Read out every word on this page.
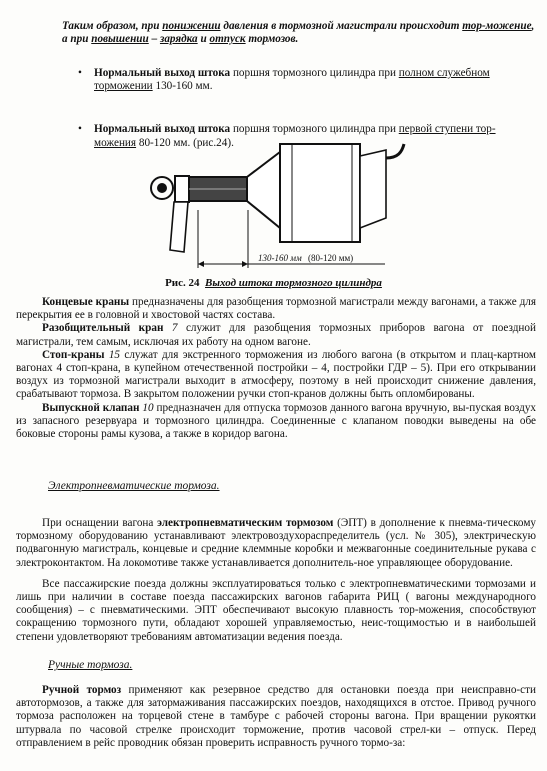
Таким образом, при понижении давления в тормозной магистрали происходит тор-можение, а при повышении – зарядка и отпуск тормозов.
• Нормальный выход штока поршня тормозного цилиндра при полном служебном торможении 130-160 мм.
• Нормальный выход штока поршня тормозного цилиндра при первой ступени тор-можения 80-120 мм. (рис.24).
130-160 мм (80-120 мм)
Рис. 24 Выход штока тормозного цилиндра

Концевые краны предназначены для разобщения тормозной магистрали между вагонами, а также для перекрытия ее в головной и хвостовой частях состава.

Разобщительный кран 7 служит для разобщения тормозных приборов вагона от поездной магистрали, тем самым, исключая их работу на одном вагоне.

Стоп-краны 15 служат для экстренного торможения из любого вагона (в открытом и плац-картном вагонах 4 стоп-крана, в купейном отечественной постройки – 4, постройки ГДР – 5). При его открывании воздух из тормозной магистрали выходит в атмосферу, поэтому в ней происходит снижение давления, срабатывают тормоза. В закрытом положении ручки стоп-кранов должны быть опломбированы.

Выпускной клапан 10 предназначен для отпуска тормозов данного вагона вручную, вы-пуская воздух из запасного резервуара и тормозного цилиндра. Соединенные с клапаном поводки выведены на обе боковые стороны рамы кузова, а также в коридор вагона.

Электропневматические тормоза.

При оснащении вагона электропневматическим тормозом (ЭПТ) в дополнение к пневма-тическому тормозному оборудованию устанавливают электровоздухораспределитель (усл. № 305), электрическую подвагонную магистраль, концевые и средние клеммные коробки и межвагонные соединительные рукава с электроконтактом. На локомотиве также устанавливается дополнитель-ное управляющее оборудование.

Все пассажирские поезда должны эксплуатироваться только с электропневматическими тормозами и лишь при наличии в составе поезда пассажирских вагонов габарита РИЦ ( вагоны международного сообщения) – с пневматическими. ЭПТ обеспечивают высокую плавность тор-можения, способствуют сокращению тормозного пути, обладают хорошей управляемостью, неис-тощимостью и в наибольшей степени удовлетворяют требованиям автоматизации ведения поезда.

Ручные тормоза.

Ручной тормоз применяют как резервное средство для остановки поезда при неисправно-сти автотормозов, а также для затормаживания пассажирских поездов, находящихся в отстое. Привод ручного тормоза расположен на торцевой стене в тамбуре с рабочей стороны вагона. При вращении рукоятки штурвала по часовой стрелке происходит торможение, против часовой стрел-ки – отпуск. Перед отправлением в рейс проводник обязан проверить исправность ручного тормо-за:
